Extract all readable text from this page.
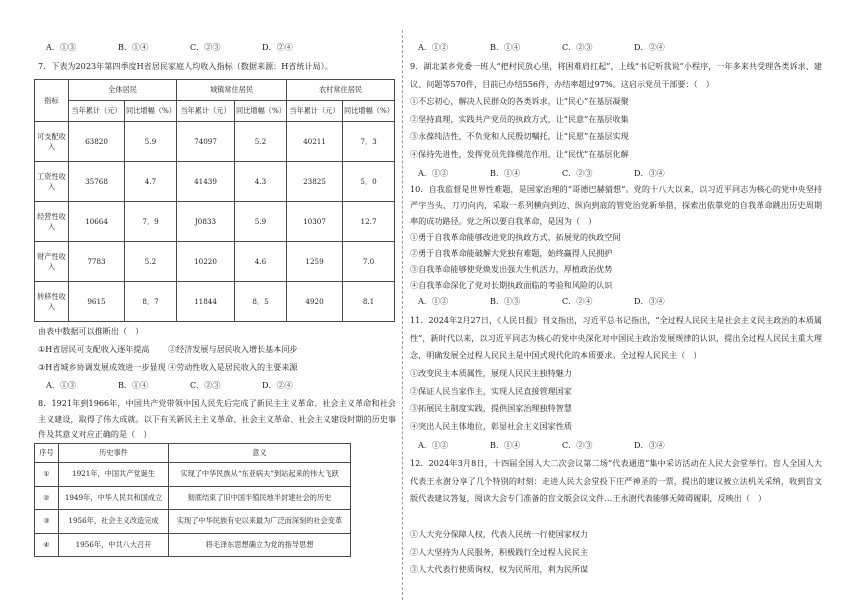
A．①③	B．①④	C．②③	D．②④
7．下表为2023年第四季度H省居民家庭人均收入指标（数据来源：H省统计局）。
指标	全体居民		城镇常住居民		农村常住居民	
	当年累计（元）	同比增幅（%）	当年累计（元）	同比增幅（%）	当年累计（元）	同比增幅（%）
可支配收入	63820	5.9	74097	5.2	40211	7．3
工资性收入	35768	4.7	41439	4.3	23825	5．0
经营性收入	10664	7．9	J0833	5.9	10307	12.7
财产性收入	7783	5.2	10220	4.6	1259	7.0
转移性收入	9615	8．7	11844	8．5	4920	8.1
由表中数据可以推断出（　）
①H省居民可支配收入逐年提高 ②经济发展与居民收入增长基本同步
③H省城乡协调发展成效进一步显现 ④劳动性收入是居民收入的主要来源
A．①③	B．①④	C．②③	D．②④
8．1921年到1966年，中国共产党带领中国人民先后完成了新民主主义革命、社会主义革命和社会主义建设，取得了伟大成就。以下有关新民主主义革命、社会主义革命、社会主义建设时期的历史事件及其意义对应正确的是（　）
序号	历史事件	意义
①	1921年，中国共产党诞生	实现了中华民族从“东亚病夫”到站起来的伟大飞跃
②	1949年，中华人民共和国成立	彻底结束了旧中国半殖民地半封建社会的历史
③	1956年，社会主义改造完成	实现了中华民族有史以来最为广泛而深刻的社会变革
④	1956年，中共八大召开	将毛泽东思想确立为党的指导思想
A．①②	B．①④	C．②③	D．②④
9．湖北某乡党委一班人“把村民放心里，将困难肩扛起”，上线“书记听我说”小程序，一年多来共受理各类诉求、建议、问题等570件，目前已办结556件，办结率超过97%。这启示党员干部要：（　）
①不忘初心，解决人民群众的各类诉求，让“民心”在基层凝聚
②坚持真理，实践共产党员的执政方式，让“民意”在基层收集
③永葆纯洁性，不负党和人民殷切嘱托，让“民愿”在基层实现
④保持先进性，发挥党员先锋模范作用，让“民忧”在基层化解
A．①②	B．①④	C．②③	D．③④
10．自我监督是世界性难题，是国家治理的“哥德巴赫猜想”。党的十八大以来，以习近平同志为核心的党中央坚持严字当头、刀刃向内，采取一系列横向到边、纵向到底的管党治党新举措，探索出依靠党的自我革命跳出历史周期率的成功路径。党之所以要自我革命，是因为（　）
①勇于自我革命能够改进党的执政方式，拓展党的执政空间
②勇于自我革命能破解大党独有难题，始终赢得人民拥护
③自我革命能够使党焕发出强大生机活力，厚植政治优势
④自我革命深化了党对长期执政面临的考验和风险的认识
A．①②	B．①③	C．②④	D．③④
11．2024年2月27日，《人民日报》刊文指出，习近平总书记指出，“全过程人民民主是社会主义民主政治的本质属性”，新时代以来，以习近平同志为核心的党中央深化对中国民主政治发展规律的认识，提出全过程人民民主重大理念，明确发展全过程人民民主是中国式现代化的本质要求。全过程人民民主（　）
①改变民主本质属性，展现人民民主独特魅力
②保证人民当家作主，实现人民直接管理国家
③拓展民主制度实践，提供国家治理独特智慧
④突出人民主体地位，彰显社会主义国家性质
A．①②	B．①④	C．②③	D．③④
12．2024年3月8日，十四届全国人大二次会议第二场“代表通道”集中采访活动在人民大会堂举行。盲人全国人大代表王永澍分享了几个特别的时刻：走进人民大会堂投下庄严神圣的一票，提出的建议被立法机关采纳，收到盲文版代表建议答复，阅读大会专门准备的盲文版会议文件…王永澍代表能够无障碍履职，反映出（　）
①人大充分保障人权，代表人民统一行使国家权力
②人大坚持为人民服务，积极践行全过程人民民主
③人大代表行使质询权，权为民所用，利为民所谋
